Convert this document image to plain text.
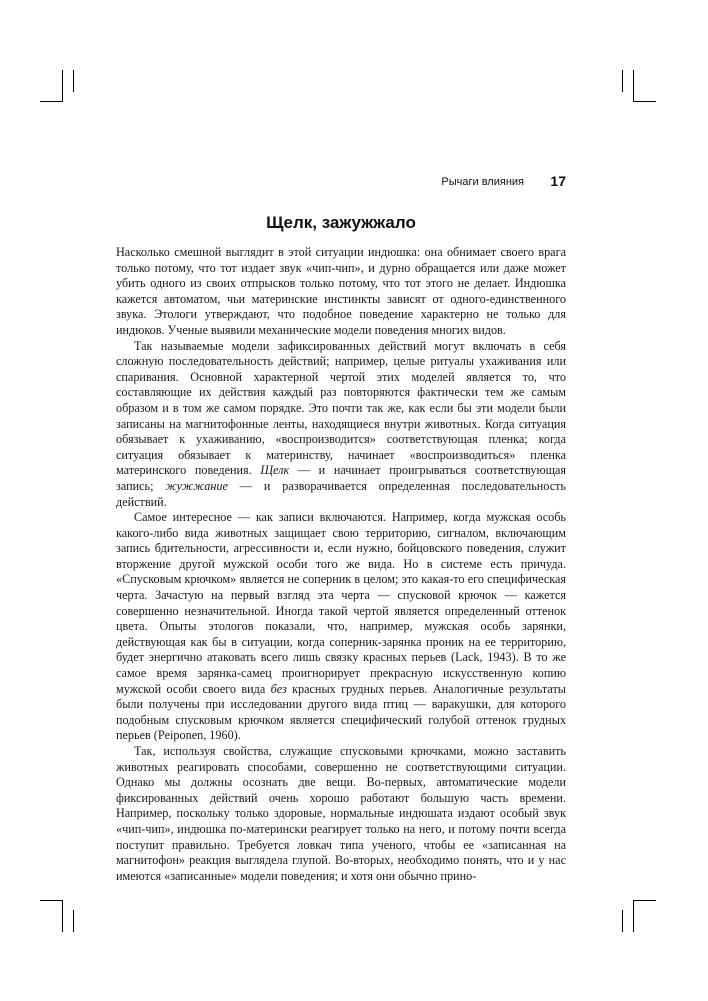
Рычаги влияния 17
Щелк, зажужжало

Насколько смешной выглядит в этой ситуации индюшка: она обнимает своего врага только потому, что тот издает звук «чип-чип», и дурно обращается или даже может убить одного из своих отпрысков только потому, что тот этого не делает. Индюшка кажется автоматом, чьи материнские инстинкты зависят от одного-единственного звука. Этологи утверждают, что подобное поведение характерно не только для индюков. Ученые выявили механические модели поведения многих видов.

Так называемые модели зафиксированных действий могут включать в себя сложную последовательность действий; например, целые ритуалы ухаживания или спаривания. Основной характерной чертой этих моделей является то, что составляющие их действия каждый раз повторяются фактически тем же самым образом и в том же самом порядке. Это почти так же, как если бы эти модели были записаны на магнитофонные ленты, находящиеся внутри животных. Когда ситуация обязывает к ухаживанию, «воспроизводится» соответствующая пленка; когда ситуация обязывает к материнству, начинает «воспроизводиться» пленка материнского поведения. Щелк — и начинает проигрываться соответствующая запись; жужжание — и разворачивается определенная последовательность действий.

Самое интересное — как записи включаются. Например, когда мужская особь какого-либо вида животных защищает свою территорию, сигналом, включающим запись бдительности, агрессивности и, если нужно, бойцовского поведения, служит вторжение другой мужской особи того же вида. Но в системе есть причуда. «Спусковым крючком» является не соперник в целом; это какая-то его специфическая черта. Зачастую на первый взгляд эта черта — спусковой крючок — кажется совершенно незначительной. Иногда такой чертой является определенный оттенок цвета. Опыты этологов показали, что, например, мужская особь зарянки, действующая как бы в ситуации, когда соперник-зарянка проник на ее территорию, будет энергично атаковать всего лишь связку красных перьев (Lack, 1943). В то же самое время зарянка-самец проигнорирует прекрасную искусственную копию мужской особи своего вида без красных грудных перьев. Аналогичные результаты были получены при исследовании другого вида птиц — варакушки, для которого подобным спусковым крючком является специфический голубой оттенок грудных перьев (Peiponen, 1960).

Так, используя свойства, служащие спусковыми крючками, можно заставить животных реагировать способами, совершенно не соответствующими ситуации. Однако мы должны осознать две вещи. Во-первых, автоматические модели фиксированных действий очень хорошо работают большую часть времени. Например, поскольку только здоровые, нормальные индюшата издают особый звук «чип-чип», индюшка по-матерински реагирует только на него, и потому почти всегда поступит правильно. Требуется ловкач типа ученого, чтобы ее «записанная на магнитофон» реакция выглядела глупой. Во-вторых, необходимо понять, что и у нас имеются «записанные» модели поведения; и хотя они обычно прино-
